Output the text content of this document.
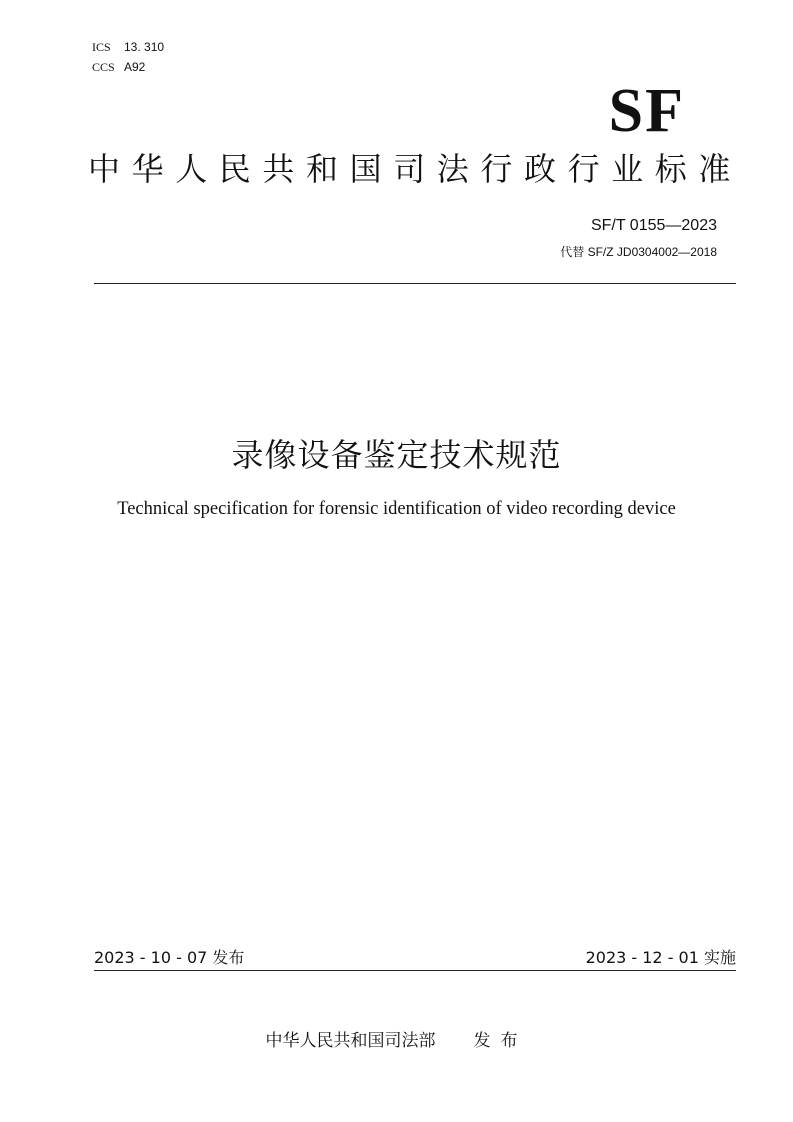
ICS 13. 310
CCS A92
SF
中华人民共和国司法行政行业标准
SF/T 0155—2023
代替 SF/Z JD0304002—2018
录像设备鉴定技术规范
Technical specification for forensic identification of video recording device
2023 - 10 - 07 发布	2023 - 12 - 01 实施
中华人民共和国司法部 发布
